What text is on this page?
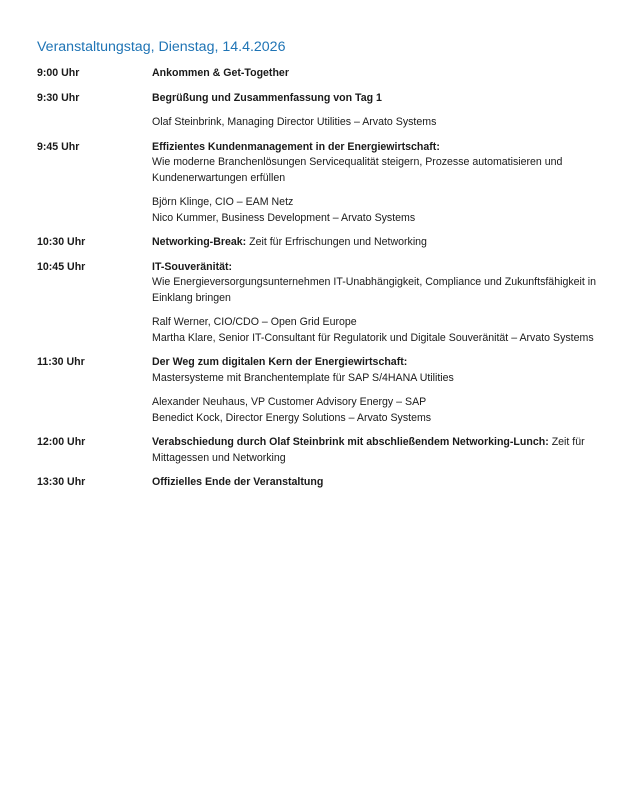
Veranstaltungstag, Dienstag, 14.4.2026
9:00 Uhr	Ankommen & Get-Together
9:30 Uhr	Begrüßung und Zusammenfassung von Tag 1
Olaf Steinbrink, Managing Director Utilities – Arvato Systems
9:45 Uhr	Effizientes Kundenmanagement in der Energiewirtschaft:
Wie moderne Branchenlösungen Servicequalität steigern, Prozesse automatisieren und Kundenerwartungen erfüllen
Björn Klinge, CIO – EAM Netz
Nico Kummer, Business Development – Arvato Systems
10:30 Uhr	Networking-Break: Zeit für Erfrischungen und Networking
10:45 Uhr	IT-Souveränität:
Wie Energieversorgungsunternehmen IT-Unabhängigkeit, Compliance und Zukunftsfähigkeit in Einklang bringen
Ralf Werner, CIO/CDO – Open Grid Europe
Martha Klare, Senior IT-Consultant für Regulatorik und Digitale Souveränität – Arvato Systems
11:30 Uhr	Der Weg zum digitalen Kern der Energiewirtschaft:
Mastersysteme mit Branchentemplate für SAP S/4HANA Utilities
Alexander Neuhaus, VP Customer Advisory Energy – SAP
Benedict Kock, Director Energy Solutions – Arvato Systems
12:00 Uhr	Verabschiedung durch Olaf Steinbrink mit abschließendem Networking-Lunch: Zeit für Mittagessen und Networking
13:30 Uhr	Offizielles Ende der Veranstaltung
